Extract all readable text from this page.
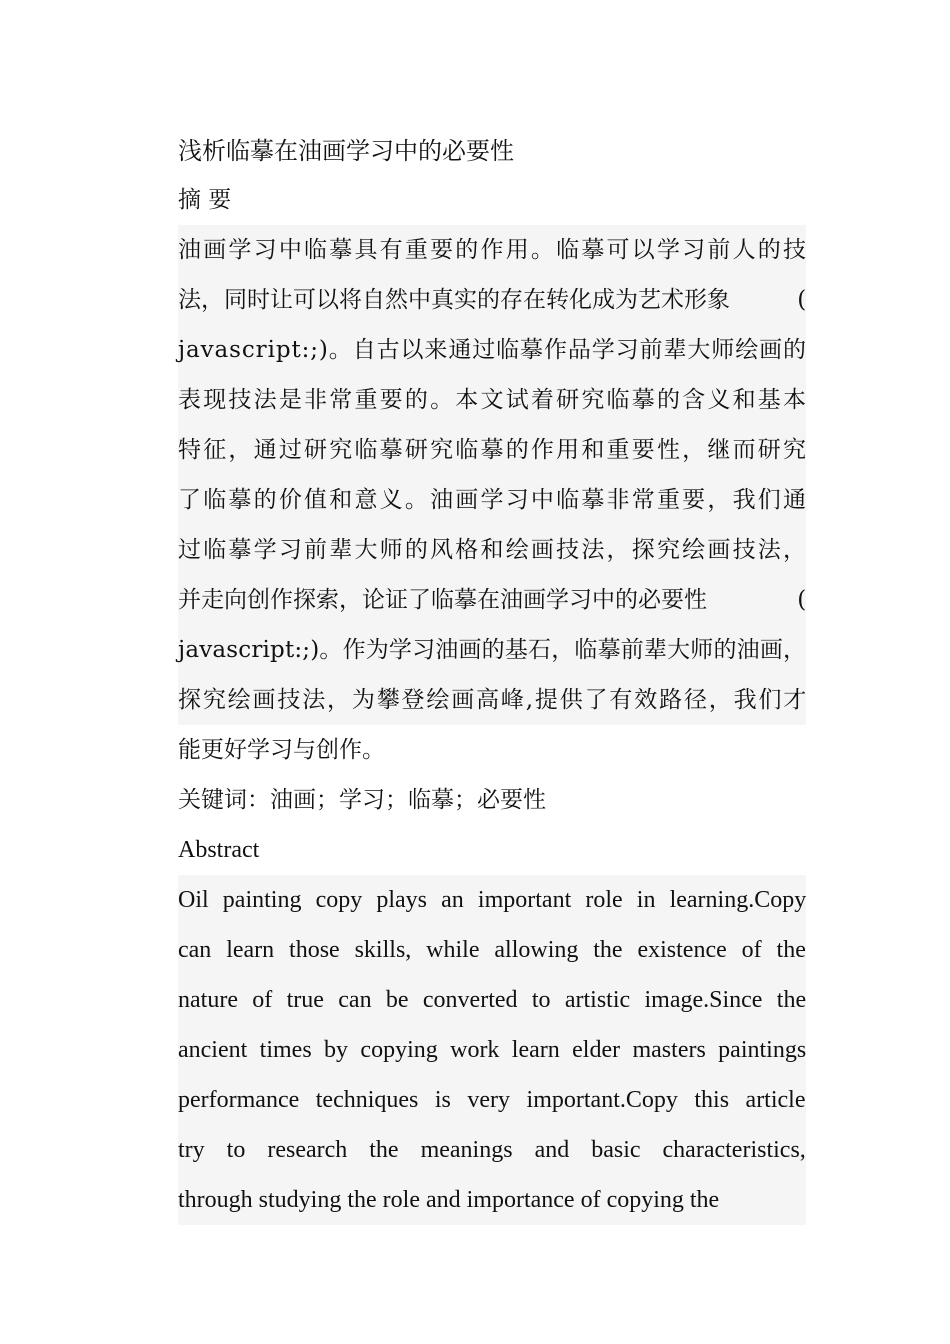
浅析临摹在油画学习中的必要性

摘 要

油画学习中临摹具有重要的作用。临摹可以学习前人的技
法，同时让可以将自然中真实的存在转化成为艺术形象 (
javascript:;)。自古以来通过临摹作品学习前辈大师绘画的
表现技法是非常重要的。本文试着研究临摹的含义和基本
特征，通过研究临摹研究临摹的作用和重要性，继而研究
了临摹的价值和意义。油画学习中临摹非常重要，我们通
过临摹学习前辈大师的风格和绘画技法，探究绘画技法，
并走向创作探索，论证了临摹在油画学习中的必要性 (
javascript:;)。作为学习油画的基石，临摹前辈大师的油画，
探究绘画技法，为攀登绘画高峰,提供了有效路径，我们才
能更好学习与创作。

关键词：油画；学习；临摹；必要性

Abstract

Oil painting copy plays an important role in learning.Copy
can learn those skills, while allowing the existence of the
nature of true can be converted to artistic image.Since the
ancient times by copying work learn elder masters paintings
performance techniques is very important.Copy this article
try to research the meanings and basic characteristics,
through studying the role and importance of copying the
